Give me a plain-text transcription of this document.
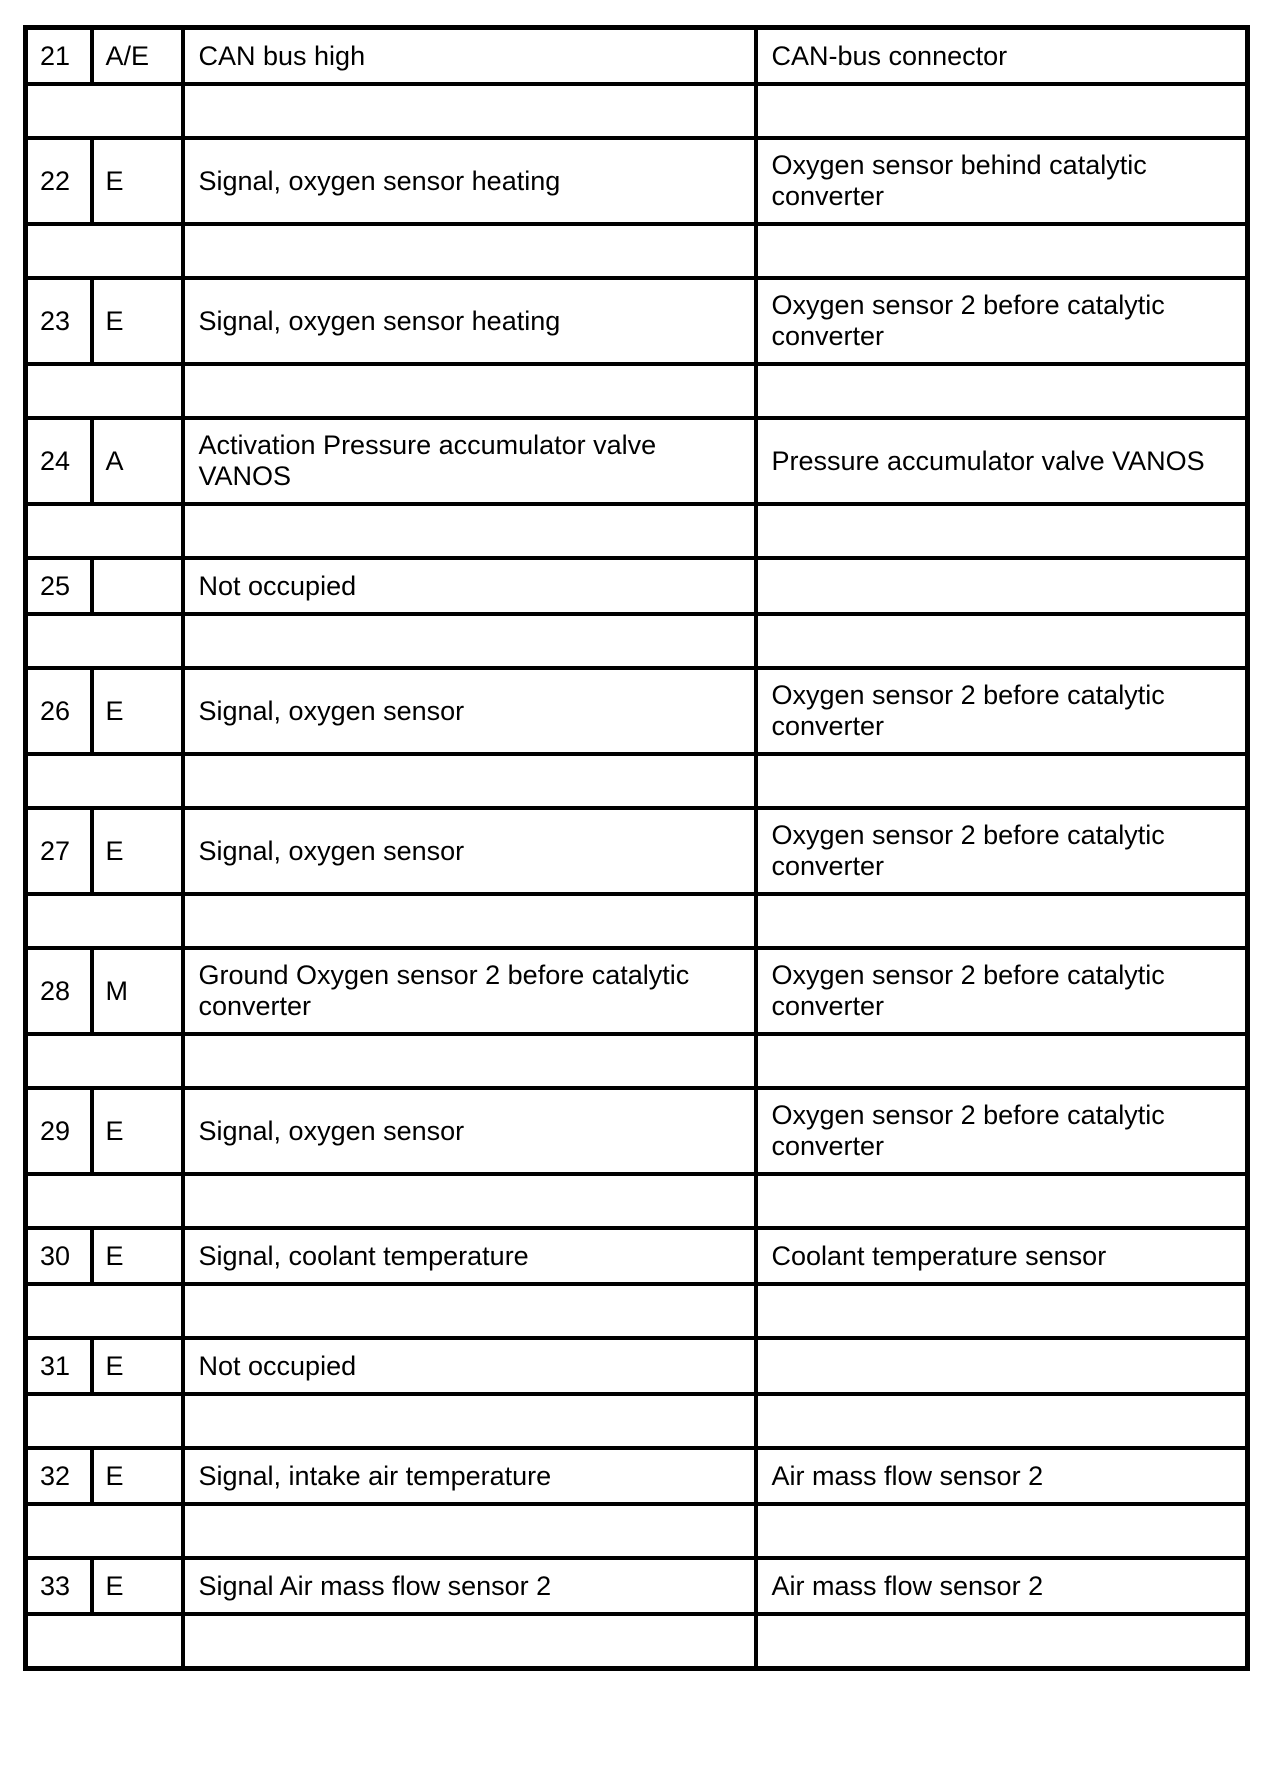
21	A/E	CAN bus high	CAN-bus connector

22	E	Signal, oxygen sensor heating	Oxygen sensor behind catalytic converter

23	E	Signal, oxygen sensor heating	Oxygen sensor 2 before catalytic converter

24	A	Activation Pressure accumulator valve VANOS	Pressure accumulator valve VANOS

25		Not occupied	

26	E	Signal, oxygen sensor	Oxygen sensor 2 before catalytic converter

27	E	Signal, oxygen sensor	Oxygen sensor 2 before catalytic converter

28	M	Ground Oxygen sensor 2 before catalytic converter	Oxygen sensor 2 before catalytic converter

29	E	Signal, oxygen sensor	Oxygen sensor 2 before catalytic converter

30	E	Signal, coolant temperature	Coolant temperature sensor

31	E	Not occupied	

32	E	Signal, intake air temperature	Air mass flow sensor 2

33	E	Signal Air mass flow sensor 2	Air mass flow sensor 2
